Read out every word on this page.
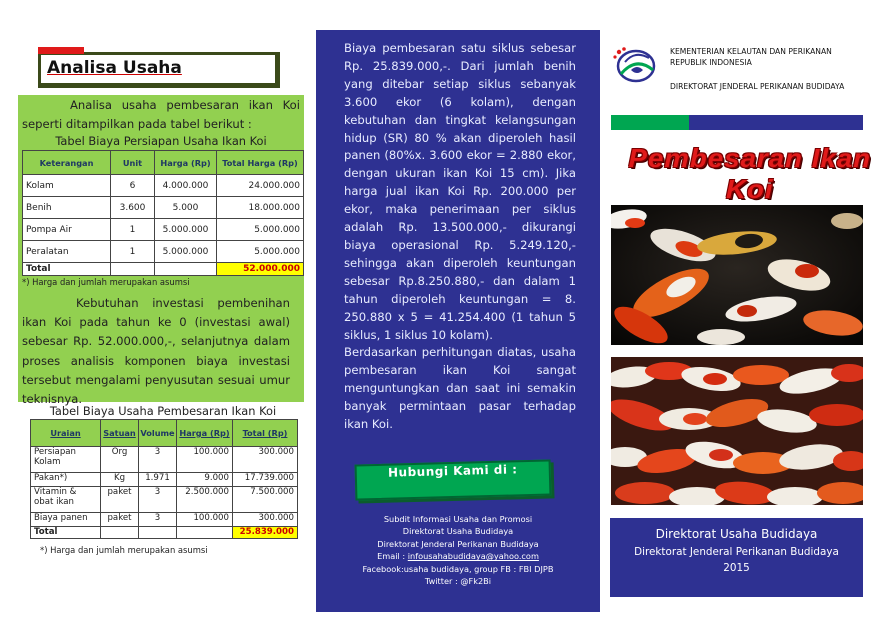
Analisa Usaha

Analisa usaha pembesaran ikan Koi seperti ditampilkan pada tabel berikut :

Tabel Biaya Persiapan Usaha Ikan Koi
Keterangan	Unit	Harga (Rp)	Total Harga (Rp)
Kolam	6	4.000.000	24.000.000
Benih	3.600	5.000	18.000.000
Pompa Air	1	5.000.000	5.000.000
Peralatan	1	5.000.000	5.000.000
Total			52.000.000
*) Harga dan jumlah merupakan asumsi

Kebutuhan investasi pembenihan ikan Koi pada tahun ke 0 (investasi awal) sebesar Rp. 52.000.000,-, selanjutnya dalam proses analisis komponen biaya investasi tersebut mengalami penyusutan sesuai umur teknisnya.

Tabel Biaya Usaha Pembesaran Ikan Koi
Uraian	Satuan	Volume	Harga (Rp)	Total (Rp)
Persiapan Kolam	Org	3	100.000	300.000
Pakan*)	Kg	1.971	9.000	17.739.000
Vitamin & obat ikan	paket	3	2.500.000	7.500.000
Biaya panen	paket	3	100.000	300.000
Total				25.839.000
*) Harga dan jumlah merupakan asumsi

Biaya pembesaran satu siklus sebesar Rp. 25.839.000,-. Dari jumlah benih yang ditebar setiap siklus sebanyak 3.600 ekor (6 kolam), dengan kebutuhan dan tingkat kelangsungan hidup (SR) 80 % akan diperoleh hasil panen (80%x. 3.600 ekor = 2.880 ekor, dengan ukuran ikan Koi 15 cm). Jika harga jual ikan Koi Rp. 200.000 per ekor, maka penerimaan per siklus adalah Rp. 13.500.000,- dikurangi biaya operasional Rp. 5.249.120,- sehingga akan diperoleh keuntungan sebesar Rp.8.250.880,- dan dalam 1 tahun diperoleh keuntungan = 8. 250.880 x 5 = 41.254.400 (1 tahun 5 siklus, 1 siklus 10 kolam).

Berdasarkan perhitungan diatas, usaha pembesaran ikan Koi sangat menguntungkan dan saat ini semakin banyak permintaan pasar terhadap ikan Koi.

Hubungi Kami di :
Subdit Informasi Usaha dan Promosi
Direktorat Usaha Budidaya
Direktorat Jenderal Perikanan Budidaya
Email : infousahabudidaya@yahoo.com
Facebook:usaha budidaya, group FB : FBI DJPB
Twitter : @Fk2Bi
KEMENTERIAN KELAUTAN DAN PERIKANAN
REPUBLIK INDONESIA
DIREKTORAT JENDERAL PERIKANAN BUDIDAYA
Pembesaran Ikan Koi
Direktorat Usaha Budidaya
Direktorat Jenderal Perikanan Budidaya
2015
